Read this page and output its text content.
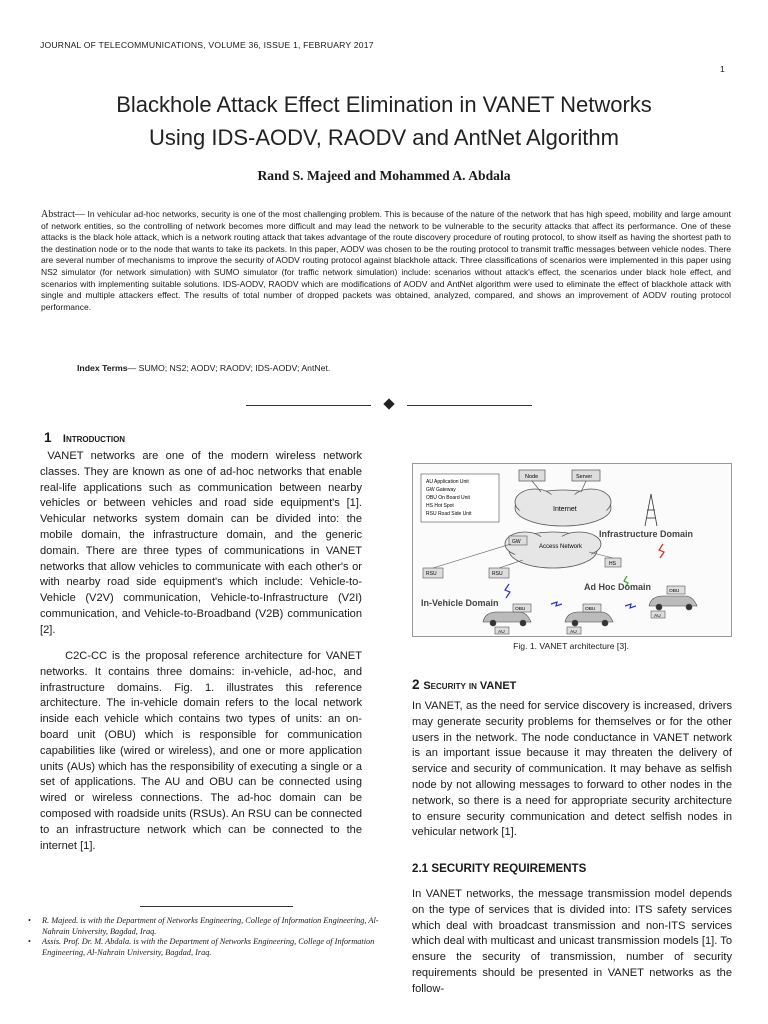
JOURNAL OF TELECOMMUNICATIONS, VOLUME 36, ISSUE 1, FEBRUARY 2017
1
Blackhole Attack Effect Elimination in VANET Networks
Using IDS-AODV, RAODV and AntNet Algorithm
Rand S. Majeed and Mohammed A. Abdala
Abstract— In vehicular ad-hoc networks, security is one of the most challenging problem. This is because of the nature of the network that has high speed, mobility and large amount of network entities, so the controlling of network becomes more difficult and may lead the network to be vulnerable to the security attacks that affect its performance. One of these attacks is the black hole attack, which is a network routing attack that takes advantage of the route discovery procedure of routing protocol, to show itself as having the shortest path to the destination node or to the node that wants to take its packets. In this paper, AODV was chosen to be the routing protocol to transmit traffic messages between vehicle nodes. There are several number of mechanisms to improve the security of AODV routing protocol against blackhole attack. Three classifications of scenarios were implemented in this paper using NS2 simulator (for network simulation) with SUMO simulator (for traffic network simulation) include: scenarios without attack's effect, the scenarios under black hole effect, and scenarios with implementing suitable solutions. IDS-AODV, RAODV which are modifications of AODV and AntNet algorithm were used to eliminate the effect of blackhole attack with single and multiple attackers effect. The results of total number of dropped packets was obtained, analyzed, compared, and shows an improvement of AODV routing protocol performance.
Index Terms— SUMO; NS2; AODV; RAODV; IDS-AODV; AntNet.
1 Introduction

VANET networks are one of the modern wireless network classes. They are known as one of ad-hoc networks that enable real-life applications such as communication between nearby vehicles or between vehicles and road side equipment's [1]. Vehicular networks system domain can be divided into: the mobile domain, the infrastructure domain, and the generic domain. There are three types of communications in VANET networks that allow vehicles to communicate with each other's or with nearby road side equipment's which include: Vehicle-to-Vehicle (V2V) communication, Vehicle-to-Infrastructure (V2I) communication, and Vehicle-to-Broadband (V2B) communication [2].

C2C-CC is the proposal reference architecture for VANET networks. It contains three domains: in-vehicle, ad-hoc, and infrastructure domains. Fig. 1. illustrates this reference architecture. The in-vehicle domain refers to the local network inside each vehicle which contains two types of units: an on-board unit (OBU) which is responsible for communication capabilities like (wired or wireless), and one or more application units (AUs) which has the responsibility of executing a single or a set of applications. The AU and OBU can be connected using wired or wireless connections. The ad-hoc domain can be composed with roadside units (RSUs). An RSU can be connected to an infrastructure network which can be connected to the internet [1].

•	R. Majeed. is with the Department of Networks Engineering, College of Information Engineering, Al-Nahrain University, Bagdad, Iraq.
•	Assis. Prof. Dr. M. Abdala. is with the Department of Networks Engineering, College of Information Engineering, Al-Nahrain University, Bagdad, Iraq.
AU Application Unit
GW Gateway
OBU On Board Unit
HS Hot Spot
RSU Road Side Unit
Internet
Node	Server
Access Network
Infrastructure Domain
GW
RSU	RSU
HS
Ad Hoc Domain
In-Vehicle Domain
OBU
AU
OBU
AU
OBU
AU
Fig. 1. VANET architecture [3].
2 Security in VANET
In VANET, as the need for service discovery is increased, drivers may generate security problems for themselves or for the other users in the network. The node conductance in VANET network is an important issue because it may threaten the delivery of service and security of communication. It may behave as selfish node by not allowing messages to forward to other nodes in the network, so there is a need for appropriate security architecture to ensure security communication and detect selfish nodes in vehicular network [1].
2.1 SECURITY REQUIREMENTS
In VANET networks, the message transmission model depends on the type of services that is divided into: ITS safety services which deal with broadcast transmission and non-ITS services which deal with multicast and unicast transmission models [1]. To ensure the security of transmission, number of security requirements should be presented in VANET networks as the follow-
